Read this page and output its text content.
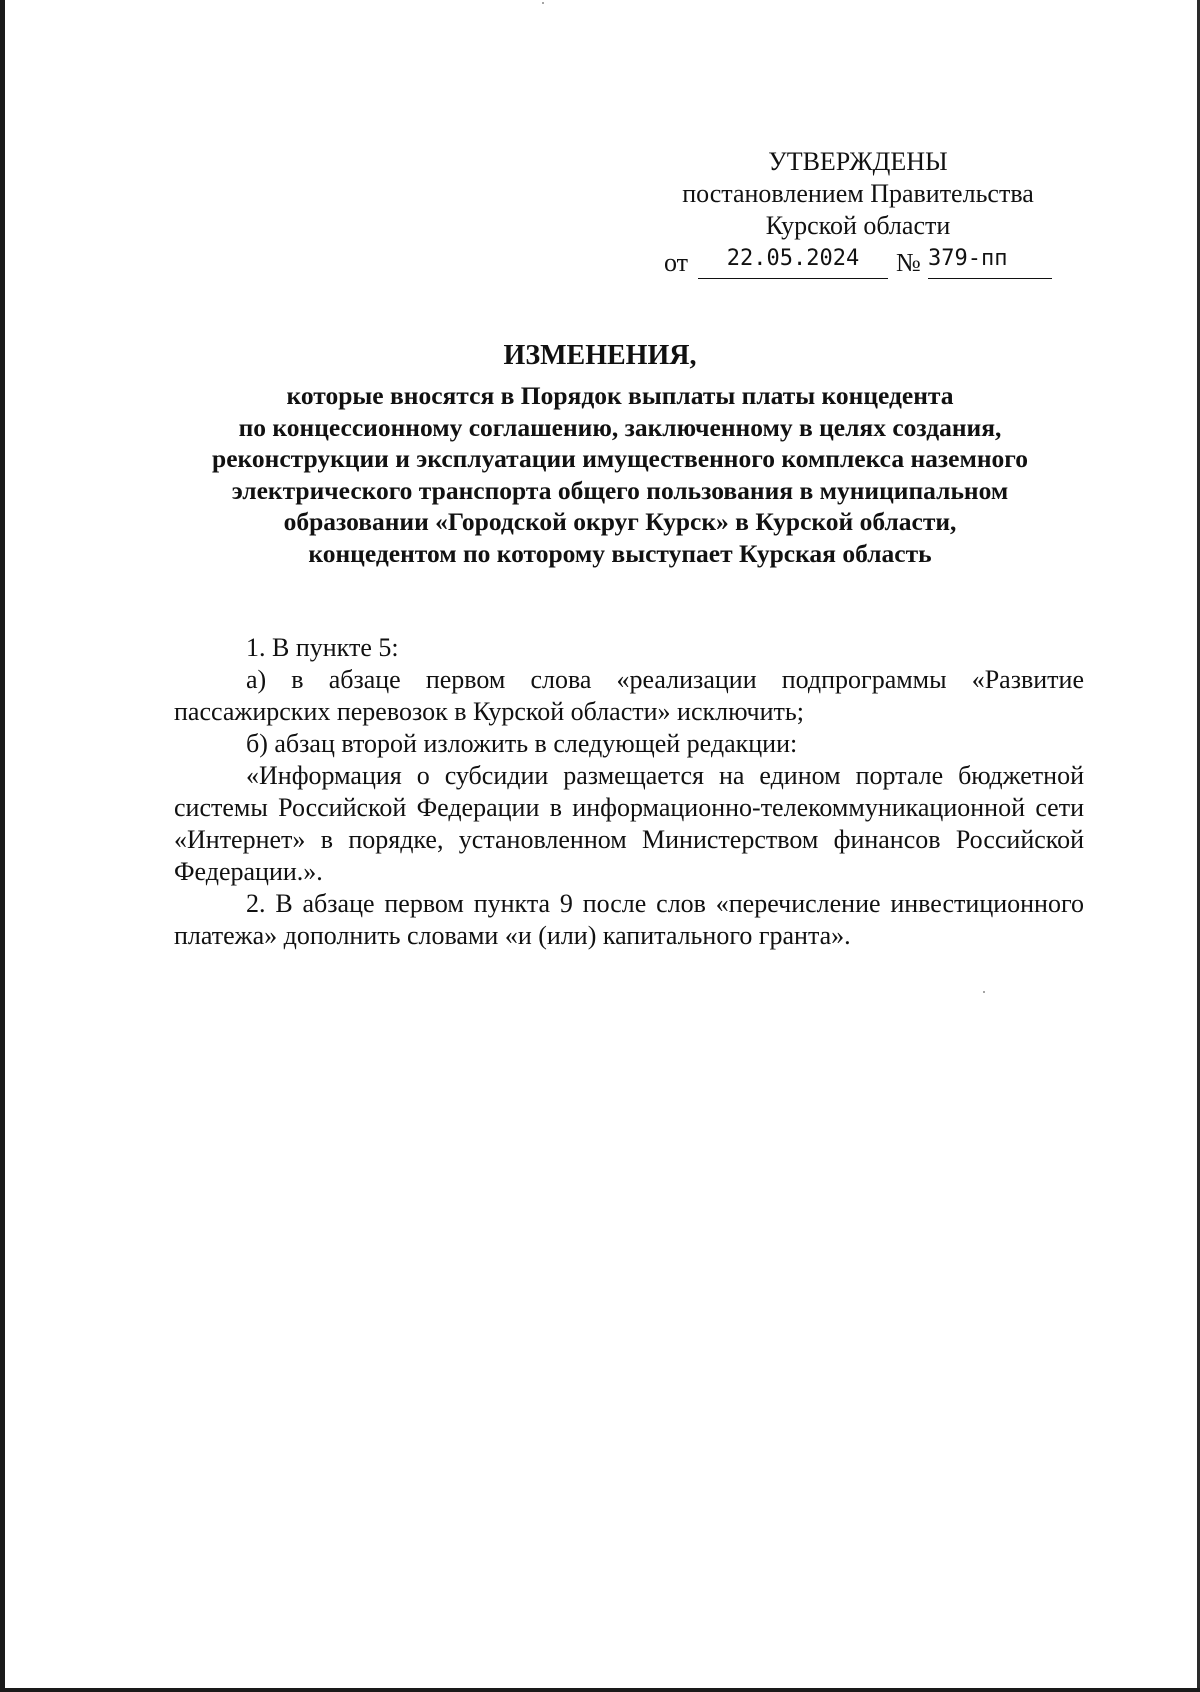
УТВЕРЖДЕНЫ
постановлением Правительства
Курской области
от	22.05.2024	№ 379-пп
ИЗМЕНЕНИЯ,
которые вносятся в Порядок выплаты платы концедента
по концессионному соглашению, заключенному в целях создания,
реконструкции и эксплуатации имущественного комплекса наземного
электрического транспорта общего пользования в муниципальном
образовании «Городской округ Курск» в Курской области,
концедентом по которому выступает Курская область

1. В пункте 5:

а) в абзаце первом слова «реализации подпрограммы «Развитие пассажирских перевозок в Курской области» исключить;

б) абзац второй изложить в следующей редакции:

«Информация о субсидии размещается на едином портале бюджетной системы Российской Федерации в информационно-телекоммуникационной сети «Интернет» в порядке, установленном Министерством финансов Российской Федерации.».

2. В абзаце первом пункта 9 после слов «перечисление инвестиционного платежа» дополнить словами «и (или) капитального гранта».
